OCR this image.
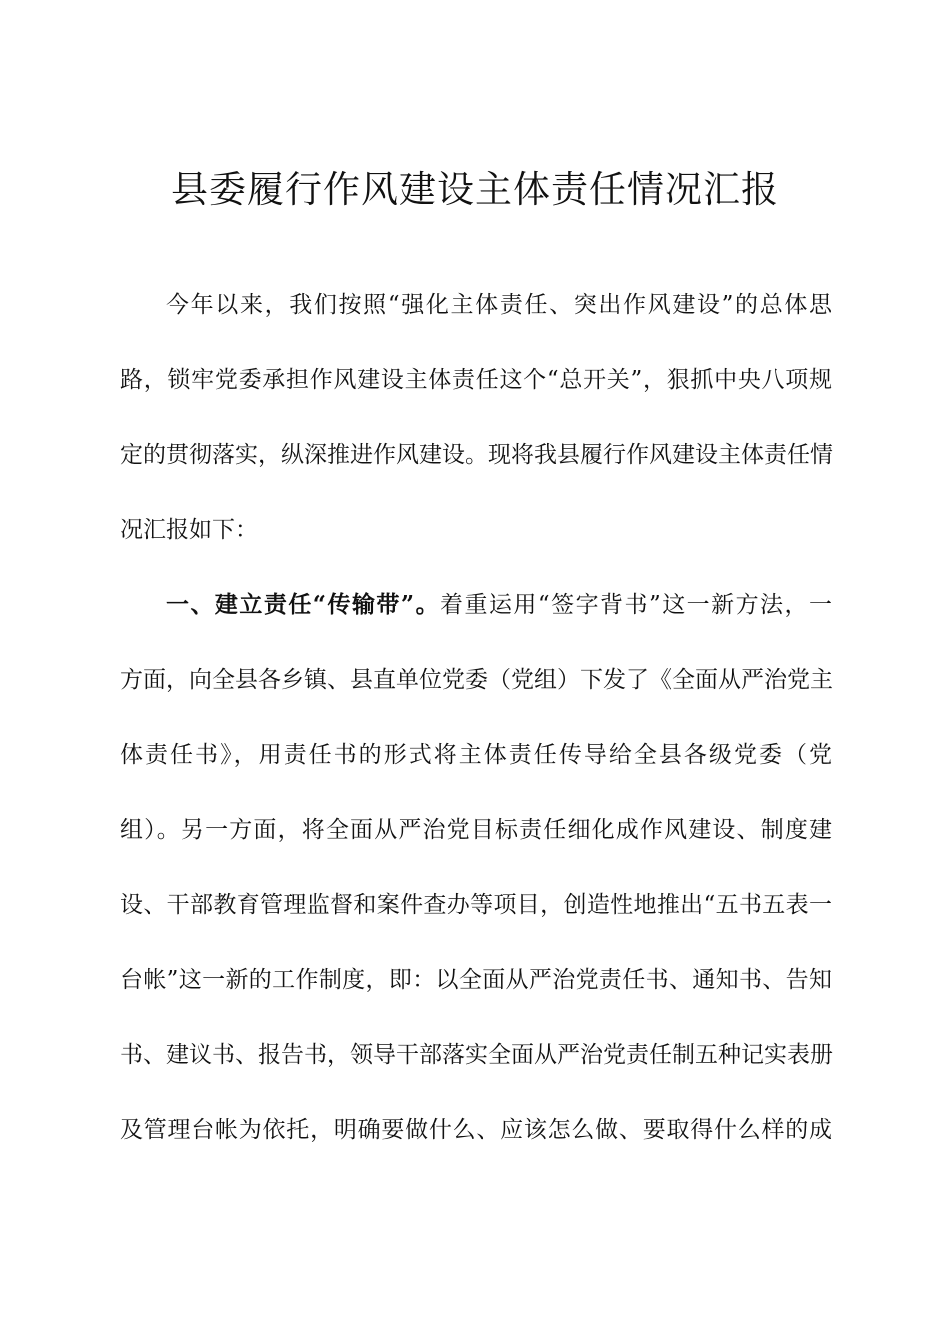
县委履行作风建设主体责任情况汇报
今年以来，我们按照“强化主体责任、突出作风建设”的总体思
路，锁牢党委承担作风建设主体责任这个“总开关”，狠抓中央八项规
定的贯彻落实，纵深推进作风建设。现将我县履行作风建设主体责任情
况汇报如下：
一、建立责任“传输带”。着重运用“签字背书”这一新方法，一
方面，向全县各乡镇、县直单位党委（党组）下发了《全面从严治党主
体责任书》，用责任书的形式将主体责任传导给全县各级党委（党
组）。另一方面，将全面从严治党目标责任细化成作风建设、制度建
设、干部教育管理监督和案件查办等项目，创造性地推出“五书五表一
台帐”这一新的工作制度，即：以全面从严治党责任书、通知书、告知
书、建议书、报告书，领导干部落实全面从严治党责任制五种记实表册
及管理台帐为依托，明确要做什么、应该怎么做、要取得什么样的成
